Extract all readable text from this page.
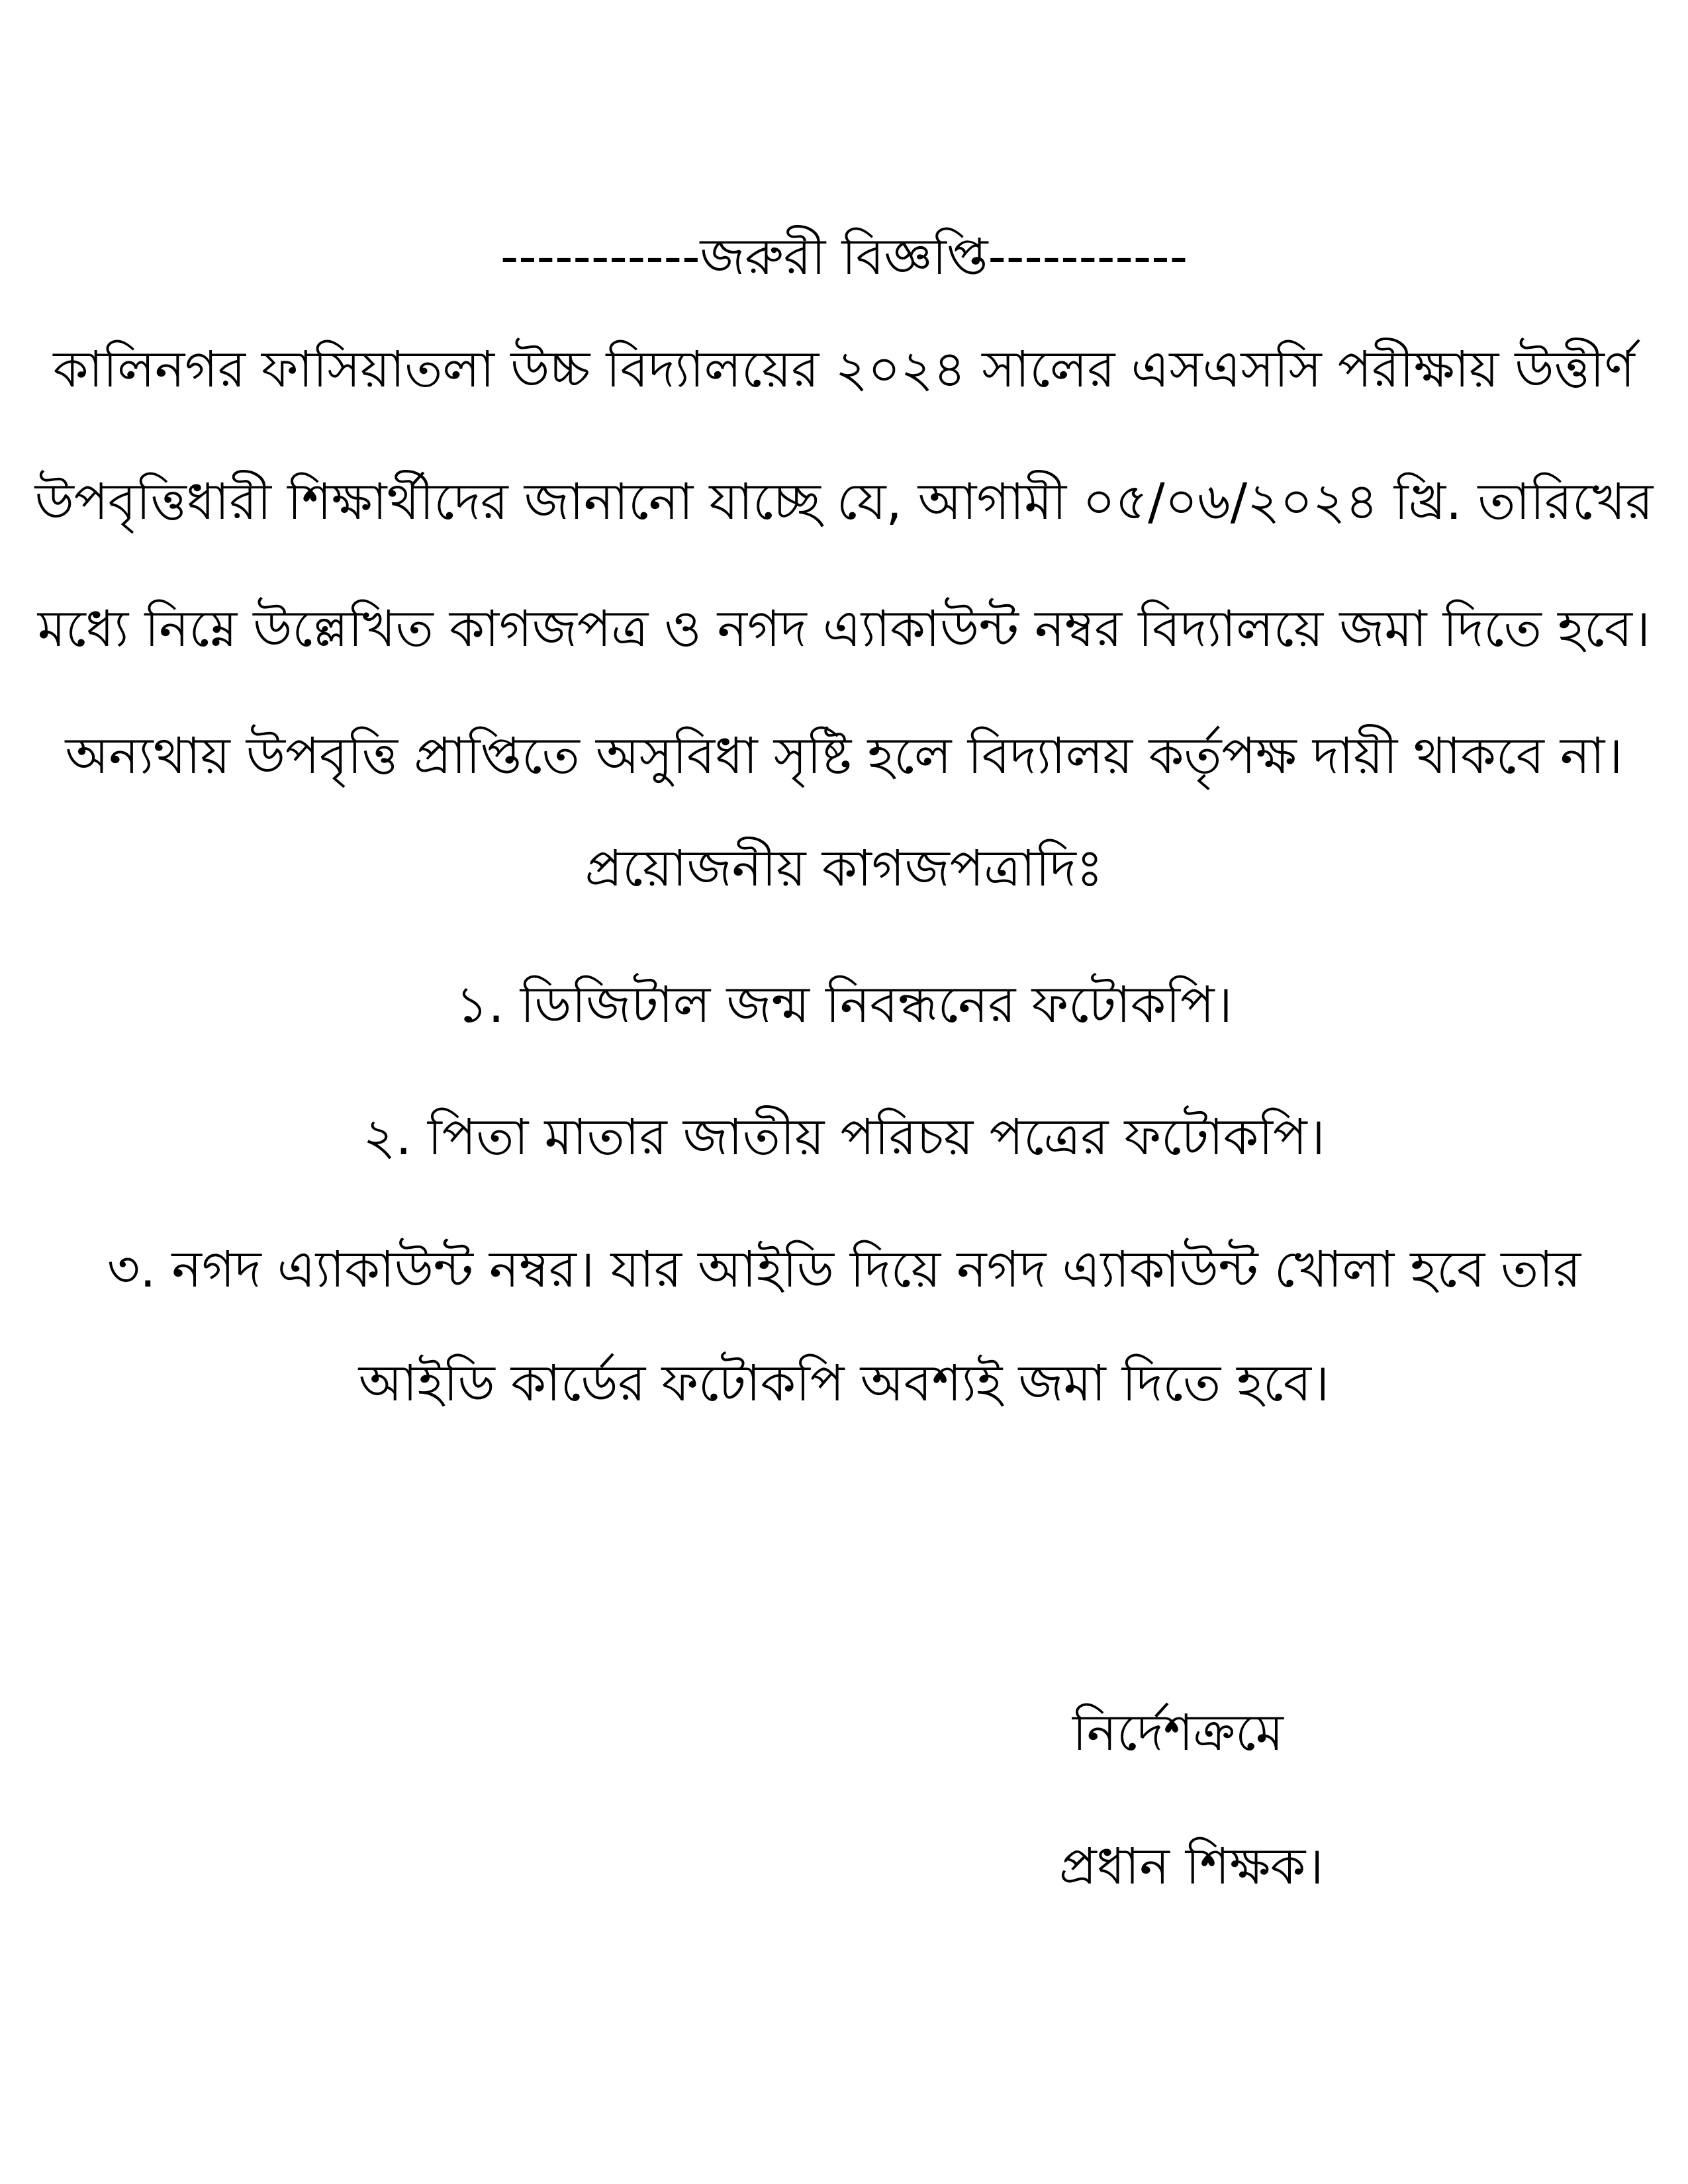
-----------জরুরী বিজ্ঞপ্তি-----------
কালিনগর ফাসিয়াতলা উচ্চ বিদ্যালয়ের ২০২৪ সালের এসএসসি পরীক্ষায় উত্তীর্ণ
উপবৃত্তিধারী শিক্ষার্থীদের জানানো যাচ্ছে যে, আগামী ০৫/০৬/২০২৪ খ্রি. তারিখের
মধ্যে নিম্নে উল্লেখিত কাগজপত্র ও নগদ এ্যাকাউন্ট নম্বর বিদ্যালয়ে জমা দিতে হবে।
অন্যথায় উপবৃত্তি প্রাপ্তিতে অসুবিধা সৃষ্টি হলে বিদ্যালয় কর্তৃপক্ষ দায়ী থাকবে না।
প্রয়োজনীয় কাগজপত্রাদিঃ
১. ডিজিটাল জন্ম নিবন্ধনের ফটোকপি।
২. পিতা মাতার জাতীয় পরিচয় পত্রের ফটোকপি।
৩. নগদ এ্যাকাউন্ট নম্বর। যার আইডি দিয়ে নগদ এ্যাকাউন্ট খোলা হবে তার
আইডি কার্ডের ফটোকপি অবশ্যই জমা দিতে হবে।
নির্দেশক্রমে
প্রধান শিক্ষক।
